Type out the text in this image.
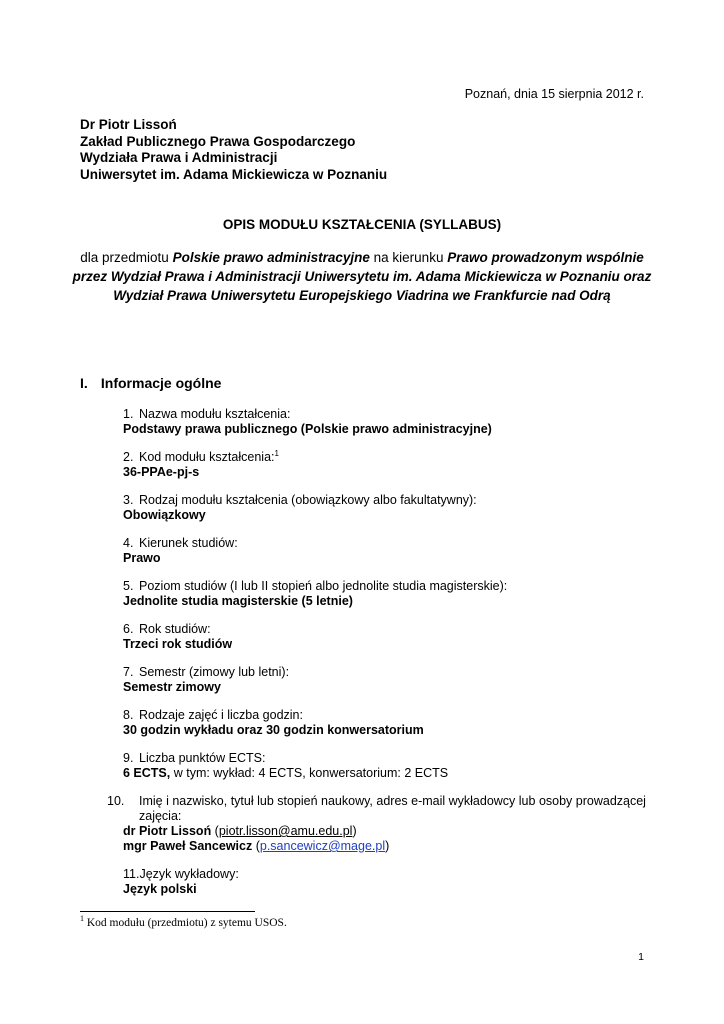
Poznań, dnia 15 sierpnia 2012 r.
Dr Piotr Lissoń
Zakład Publicznego Prawa Gospodarczego
Wydziała Prawa i Administracji
Uniwersytet im. Adama Mickiewicza w Poznaniu
OPIS MODUŁU KSZTAŁCENIA (SYLLABUS)
dla przedmiotu Polskie prawo administracyjne na kierunku Prawo prowadzonym wspólnie przez Wydział Prawa i Administracji Uniwersytetu im. Adama Mickiewicza w Poznaniu oraz Wydział Prawa Uniwersytetu Europejskiego Viadrina we Frankfurcie nad Odrą
I. Informacje ogólne
1. Nazwa modułu kształcenia:
Podstawy prawa publicznego (Polskie prawo administracyjne)
2. Kod modułu kształcenia:$^1$
36-PPAe-pj-s
3. Rodzaj modułu kształcenia (obowiązkowy albo fakultatywny):
Obowiązkowy
4. Kierunek studiów:
Prawo
5. Poziom studiów (I lub II stopień albo jednolite studia magisterskie):
Jednolite studia magisterskie (5 letnie)
6. Rok studiów:
Trzeci rok studiów
7. Semestr (zimowy lub letni):
Semestr zimowy
8. Rodzaje zajęć i liczba godzin:
30 godzin wykładu oraz 30 godzin konwersatorium
9. Liczba punktów ECTS:
6 ECTS, w tym: wykład: 4 ECTS, konwersatorium: 2 ECTS
10. Imię i nazwisko, tytuł lub stopień naukowy, adres e-mail wykładowcy lub osoby prowadzącej zajęcia:
dr Piotr Lissoń (piotr.lisson@amu.edu.pl)
mgr Paweł Sancewicz (p.sancewicz@mage.pl)
11.Język wykładowy:
Język polski
$^1$ Kod modułu (przedmiotu) z sytemu USOS.
1
